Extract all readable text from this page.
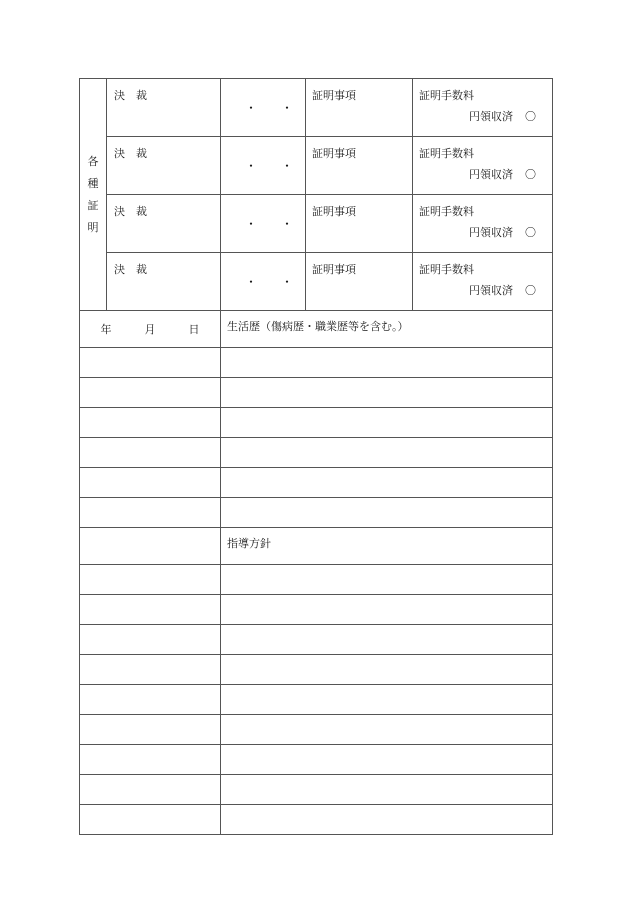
各
種
証
明	決　裁	・　　・	証明事項	証明手数料
円領収済 〇

	決　裁	・　　・	証明事項	証明手数料
円領収済 〇

	決　裁	・　　・	証明事項	証明手数料
円領収済 〇

	決　裁	・　　・	証明事項	証明手数料
円領収済 〇
年 月 日	生活歴（傷病歴・職業歴等を含む。）

	指導方針
